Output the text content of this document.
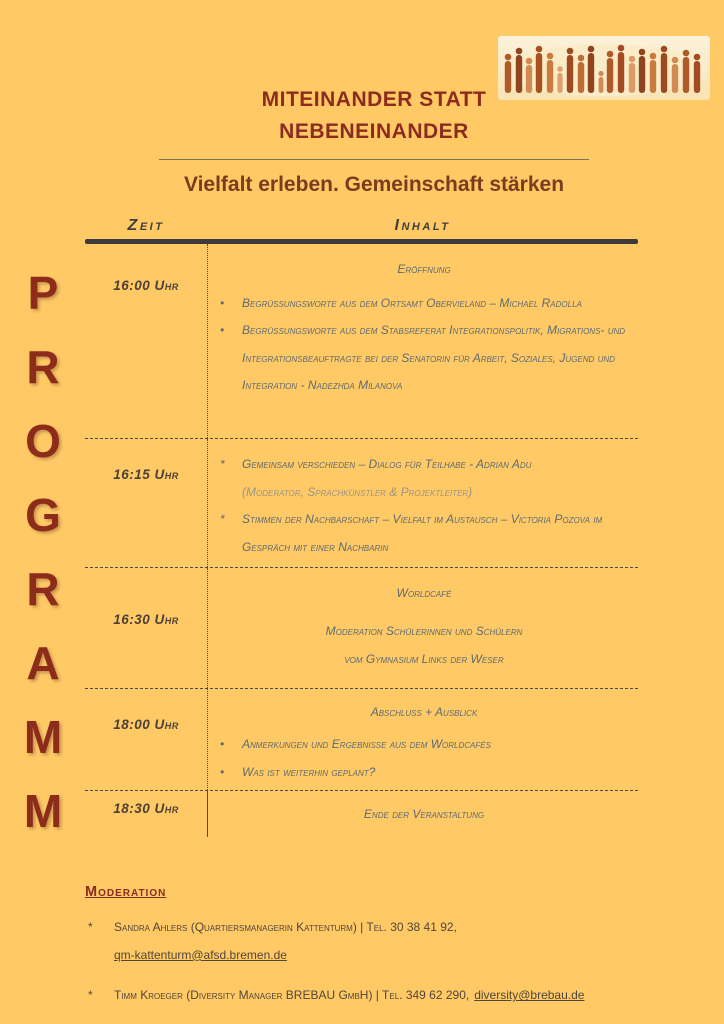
MITEINANDER STATT
NEBENEINANDER
Vielfalt erleben. Gemeinschaft stärken
P
R
O
G
R
A
M
M
Zeit	Inhalt
16:00 Uhr
Eröffnung
•	Begrüßungsworte aus dem Ortsamt Obervieland – Michael Radolla
•	Begrüßungsworte aus dem Stabsreferat Integrationspolitik, Migrations- und Integrationsbeauftragte bei der Senatorin für Arbeit, Soziales, Jugend und Integration - Nadezhda Milanova
16:15 Uhr
*	Gemeinsam verschieden – Dialog für Teilhabe - Adrian Adu
(Moderator, Sprachkünstler & Projektleiter)
*	Stimmen der Nachbarschaft – Vielfalt im Austausch – Victoria Pozova im Gespräch mit einer Nachbarin
16:30 Uhr
Worldcafé
Moderation Schülerinnen und Schülern
vom Gymnasium Links der Weser
18:00 Uhr
Abschluss + Ausblick
•	Anmerkungen und Ergebnisse aus dem Worldcafés
•	Was ist weiterhin geplant?
18:30 Uhr	Ende der Veranstaltung
Moderation
*	Sandra Ahlers (Quartiersmanagerin Kattenturm) | Tel. 30 38 41 92,
qm-kattenturm@afsd.bremen.de
*	Timm Kroeger (Diversity Manager BREBAU GmbH) | Tel. 349 62 290, diversity@brebau.de
